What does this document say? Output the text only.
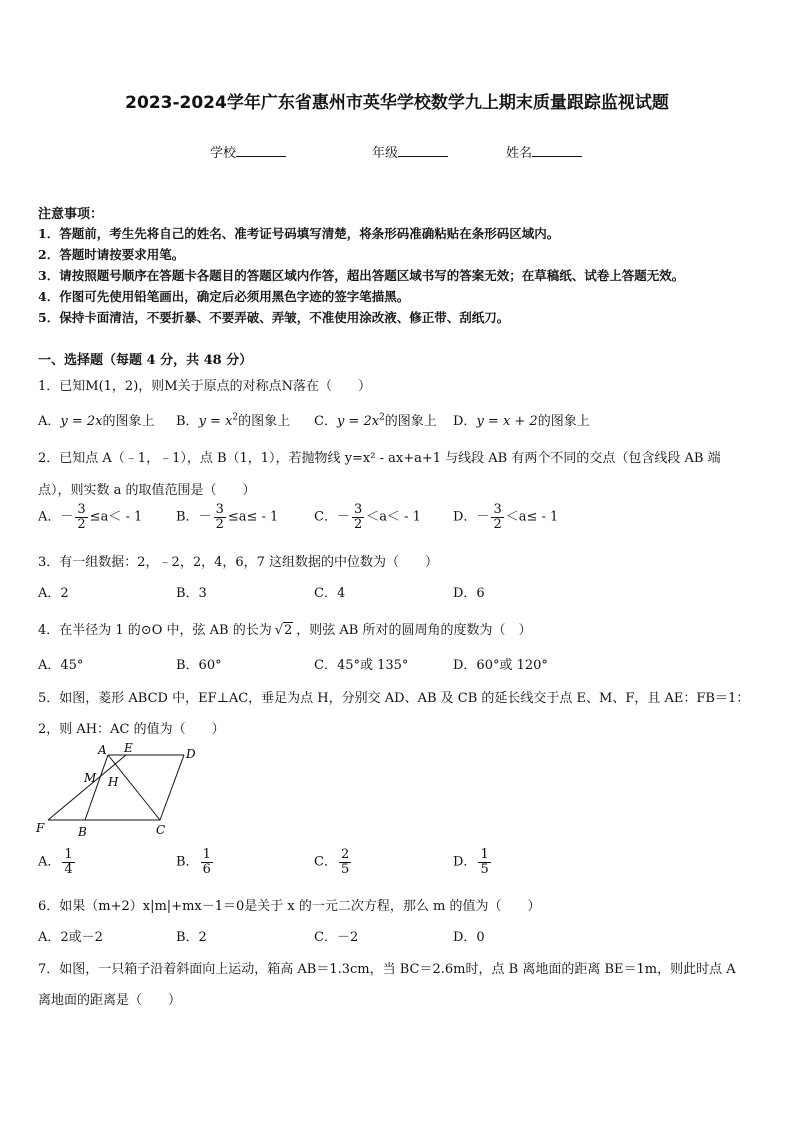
2023-2024学年广东省惠州市英华学校数学九上期末质量跟踪监视试题
学校	年级	姓名
注意事项：
1．答题前，考生先将自己的姓名、准考证号码填写清楚，将条形码准确粘贴在条形码区域内。
2．答题时请按要求用笔。
3．请按照题号顺序在答题卡各题目的答题区域内作答，超出答题区域书写的答案无效；在草稿纸、试卷上答题无效。
4．作图可先使用铅笔画出，确定后必须用黑色字迹的签字笔描黑。
5．保持卡面清洁，不要折暴、不要弄破、弄皱，不准使用涂改液、修正带、刮纸刀。
一、选择题（每题 4 分，共 48 分）
1．已知M(1，2)，则M关于原点的对称点N落在（　　）
A．y = 2x的图象上 B．$y = x^2$的图象上 C．$y = 2x^2$的图象上 D．y = x + 2的图象上
2．已知点 A（﹣1，﹣1），点 B（1，1），若抛物线 y=x² - ax+a+1 与线段 AB 有两个不同的交点（包含线段 AB 端
点），则实数 a 的取值范围是（　　）
A．－ $\frac{3}{2} \le a< - 1$	B．－ $\frac{3}{2} \le a\le - 1$	C．－ $\frac{3}{2} <a< - 1$ D．－ $\frac{3}{2} <a\le - 1$
3．有一组数据：2，﹣2，2，4，6，7 这组数据的中位数为（　　）
A．2	B．3	C．4	D．6
4．在半径为 1 的⊙O 中，弦 AB 的长为 √2 ，则弦 AB 所对的圆周角的度数为（　）
A．45°	B．60°	C．45°或 135°	D．60°或 120°
5．如图，菱形 ABCD 中，EF⊥AC，垂足为点 H，分别交 AD、AB 及 CB 的延长线交于点 E、M、F，且 AE：FB＝1：
2，则 AH：AC 的值为（　　）
A E	D
M H
F	B	C
A． $\frac{1}{4}$	B． $\frac{1}{6}$	C． $\frac{2}{5}$	D． $\frac{1}{5}$
6．如果（m+2）x|m|+mx－1＝0是关于 x 的一元二次方程，那么 m 的值为（　　）
A．2或－2	B．2	C．－2	D．0
7．如图，一只箱子沿着斜面向上运动，箱高 AB＝1.3cm，当 BC＝2.6m时，点 B 离地面的距离 BE＝1m，则此时点 A
离地面的距离是（　　）
